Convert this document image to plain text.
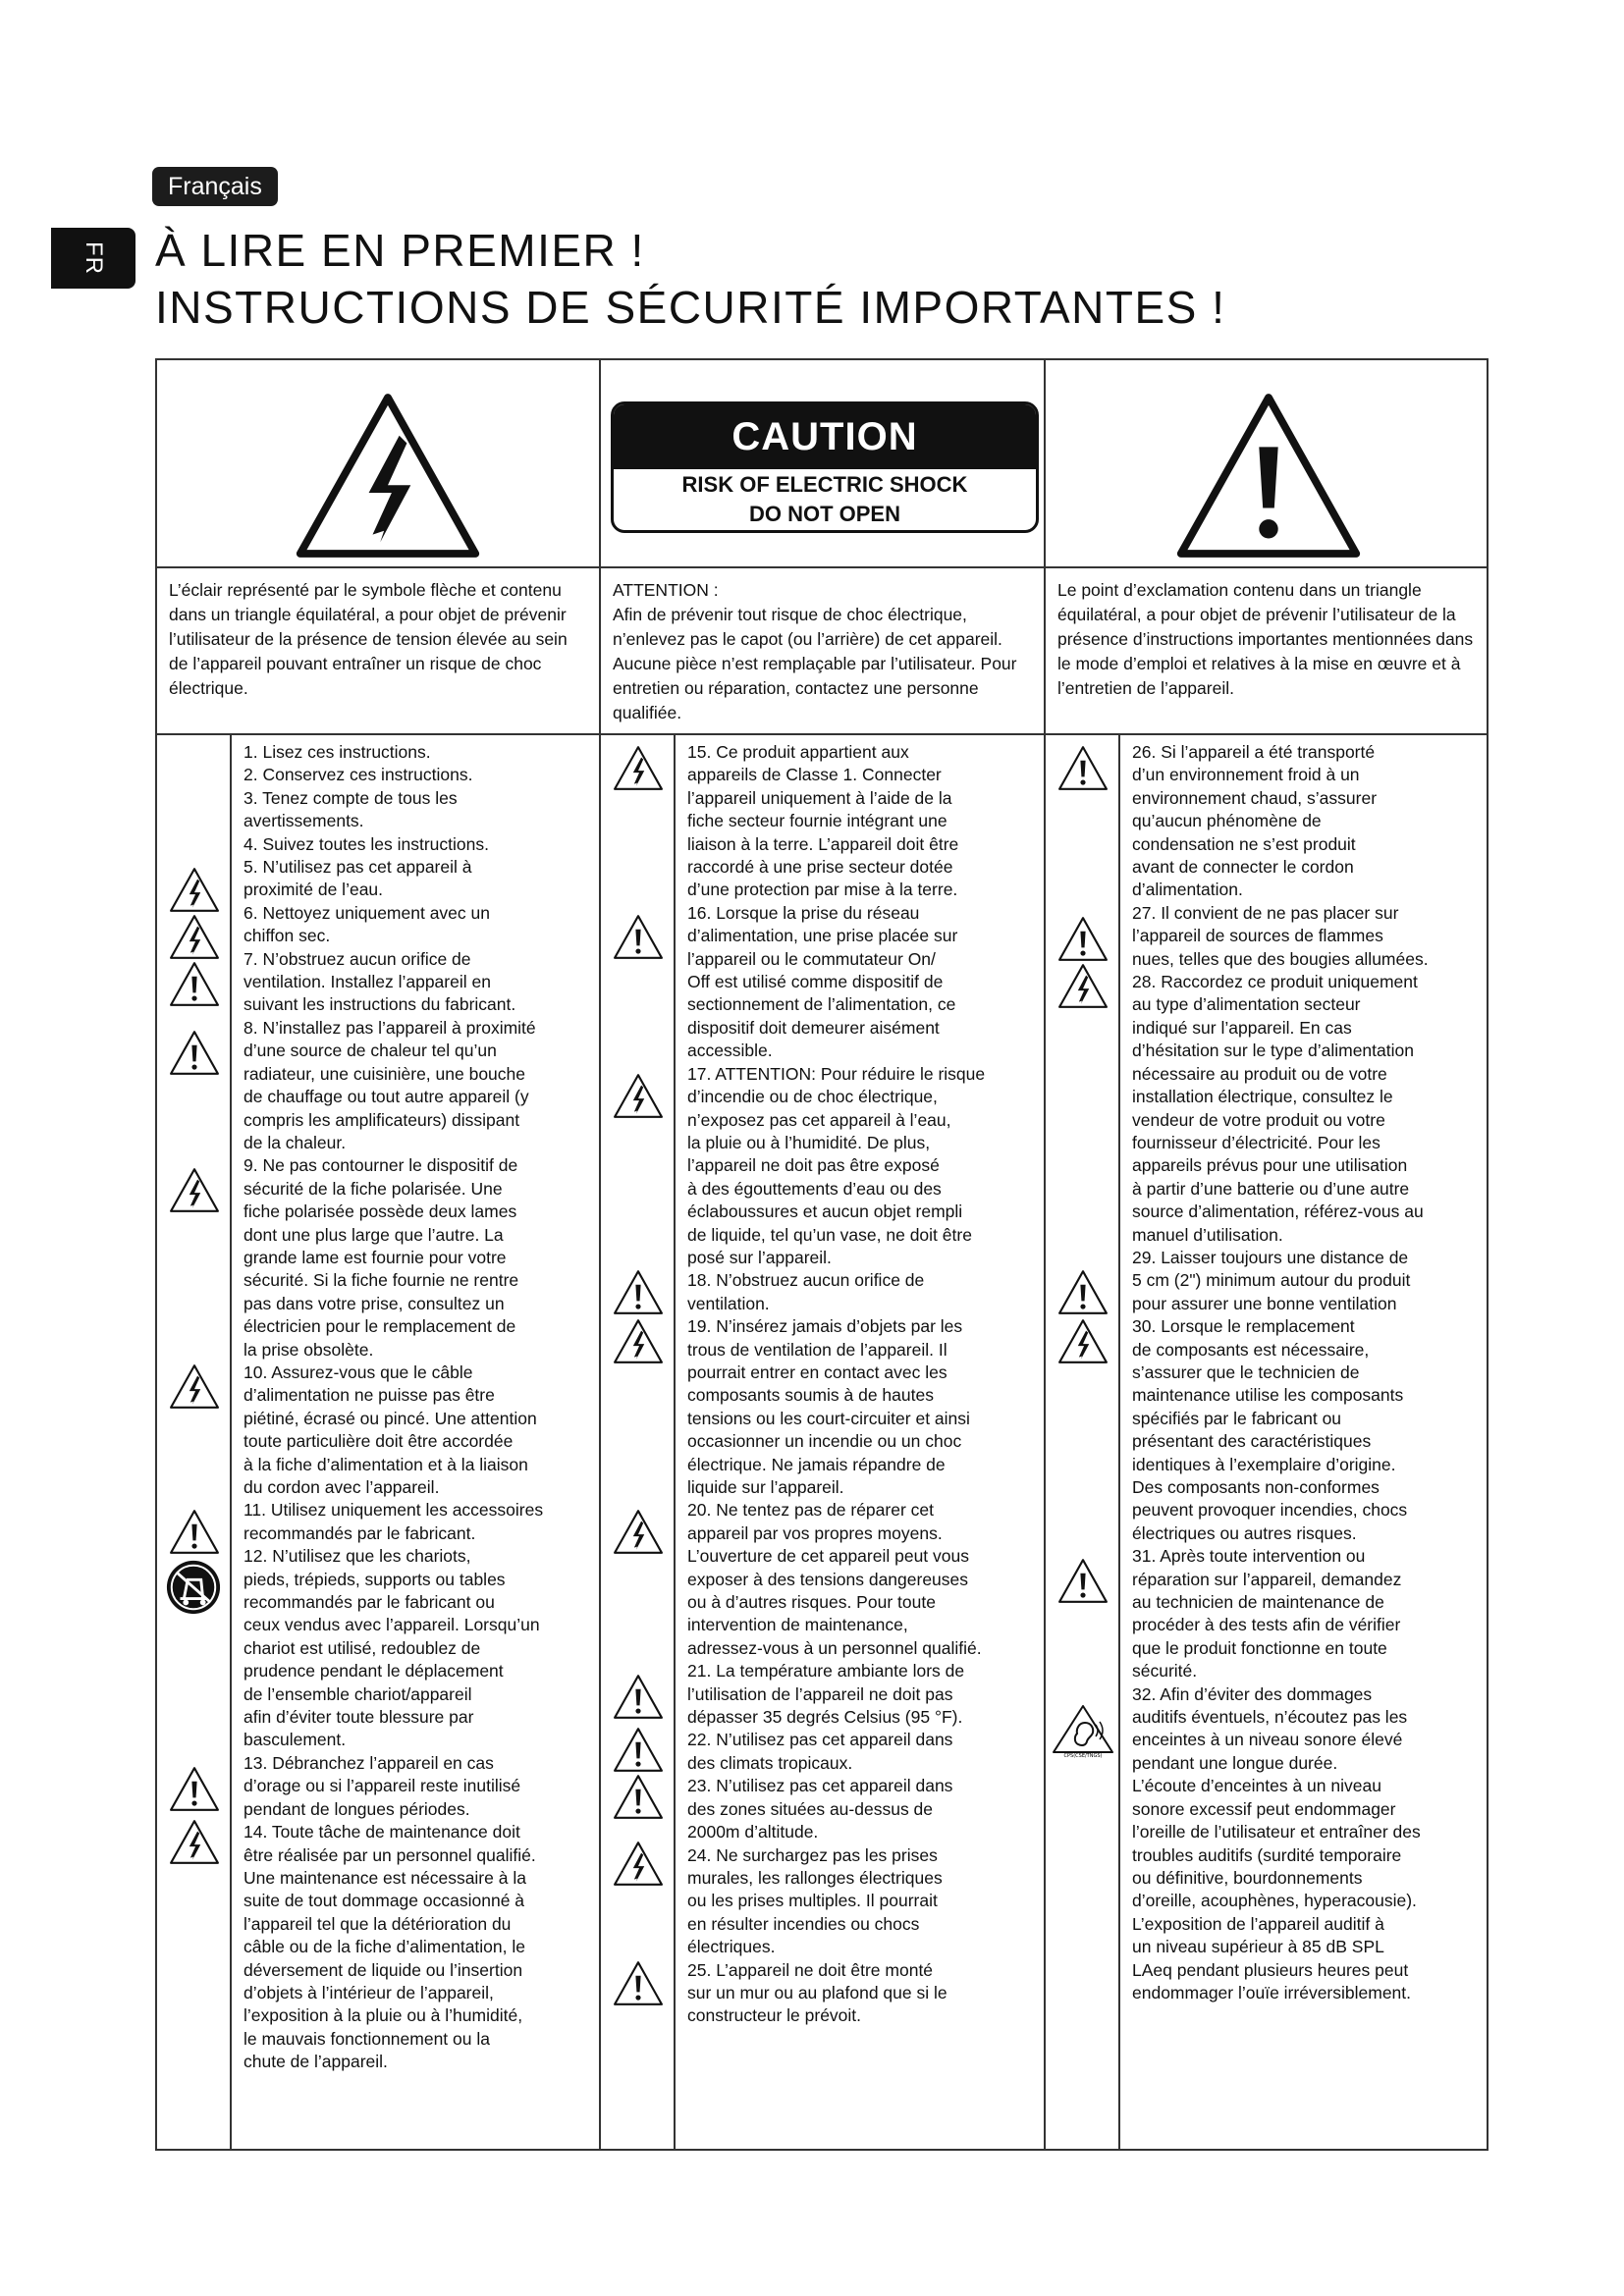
Français
FR À LIRE EN PREMIER !
INSTRUCTIONS DE SÉCURITÉ IMPORTANTES !
CAUTION
RISK OF ELECTRIC SHOCK
DO NOT OPEN
L’éclair représenté par le symbole flèche et contenu dans un triangle équilatéral, a pour objet de prévenir l’utilisateur de la présence de tension élevée au sein de l’appareil pouvant entraîner un risque de choc électrique.
ATTENTION :
Afin de prévenir tout risque de choc électrique, n’enlevez pas le capot (ou l’arrière) de cet appareil. Aucune pièce n’est remplaçable par l’utilisateur. Pour entretien ou réparation, contactez une personne qualifiée.
Le point d’exclamation contenu dans un triangle équilatéral, a pour objet de prévenir l’utilisateur de la présence d’instructions importantes mentionnées dans le mode d’emploi et relatives à la mise en œuvre et à l’entretien de l’appareil.
1. Lisez ces instructions.
2. Conservez ces instructions.
3. Tenez compte de tous les
avertissements.
4. Suivez toutes les instructions.
5. N’utilisez pas cet appareil à
proximité de l’eau.
6. Nettoyez uniquement avec un
chiffon sec.
7. N’obstruez aucun orifice de
ventilation. Installez l’appareil en
suivant les instructions du fabricant.
8. N’installez pas l’appareil à proximité
d’une source de chaleur tel qu’un
radiateur, une cuisinière, une bouche
de chauffage ou tout autre appareil (y
compris les amplificateurs) dissipant
de la chaleur.
9. Ne pas contourner le dispositif de
sécurité de la fiche polarisée. Une
fiche polarisée possède deux lames
dont une plus large que l’autre. La
grande lame est fournie pour votre
sécurité. Si la fiche fournie ne rentre
pas dans votre prise, consultez un
électricien pour le remplacement de
la prise obsolète.
10. Assurez-vous que le câble
d’alimentation ne puisse pas être
piétiné, écrasé ou pincé. Une attention
toute particulière doit être accordée
à la fiche d’alimentation et à la liaison
du cordon avec l’appareil.
11. Utilisez uniquement les accessoires
recommandés par le fabricant.
12. N’utilisez que les chariots,
pieds, trépieds, supports ou tables
recommandés par le fabricant ou
ceux vendus avec l’appareil. Lorsqu’un
chariot est utilisé, redoublez de
prudence pendant le déplacement
de l’ensemble chariot/appareil
afin d’éviter toute blessure par
basculement.
13. Débranchez l’appareil en cas
d’orage ou si l’appareil reste inutilisé
pendant de longues périodes.
14. Toute tâche de maintenance doit
être réalisée par un personnel qualifié.
Une maintenance est nécessaire à la
suite de tout dommage occasionné à
l’appareil tel que la détérioration du
câble ou de la fiche d’alimentation, le
déversement de liquide ou l’insertion
d’objets à l’intérieur de l’appareil,
l’exposition à la pluie ou à l’humidité,
le mauvais fonctionnement ou la
chute de l’appareil.
15. Ce produit appartient aux
appareils de Classe 1. Connecter
l’appareil uniquement à l’aide de la
fiche secteur fournie intégrant une
liaison à la terre. L’appareil doit être
raccordé à une prise secteur dotée
d’une protection par mise à la terre.
16. Lorsque la prise du réseau
d’alimentation, une prise placée sur
l’appareil ou le commutateur On/
Off est utilisé comme dispositif de
sectionnement de l’alimentation, ce
dispositif doit demeurer aisément
accessible.
17. ATTENTION: Pour réduire le risque
d’incendie ou de choc électrique,
n’exposez pas cet appareil à l’eau,
la pluie ou à l’humidité. De plus,
l’appareil ne doit pas être exposé
à des égouttements d’eau ou des
éclaboussures et aucun objet rempli
de liquide, tel qu’un vase, ne doit être
posé sur l’appareil.
18. N’obstruez aucun orifice de
ventilation.
19. N’insérez jamais d’objets par les
trous de ventilation de l’appareil. Il
pourrait entrer en contact avec les
composants soumis à de hautes
tensions ou les court-circuiter et ainsi
occasionner un incendie ou un choc
électrique. Ne jamais répandre de
liquide sur l’appareil.
20. Ne tentez pas de réparer cet
appareil par vos propres moyens.
L’ouverture de cet appareil peut vous
exposer à des tensions dangereuses
ou à d’autres risques. Pour toute
intervention de maintenance,
adressez-vous à un personnel qualifié.
21. La température ambiante lors de
l’utilisation de l’appareil ne doit pas
dépasser 35 degrés Celsius (95 °F).
22. N’utilisez pas cet appareil dans
des climats tropicaux.
23. N’utilisez pas cet appareil dans
des zones situées au-dessus de
2000m d’altitude.
24. Ne surchargez pas les prises
murales, les rallonges électriques
ou les prises multiples. Il pourrait
en résulter incendies ou chocs
électriques.
25. L’appareil ne doit être monté
sur un mur ou au plafond que si le
constructeur le prévoit.
26. Si l’appareil a été transporté
d’un environnement froid à un
environnement chaud, s’assurer
qu’aucun phénomène de
condensation ne s’est produit
avant de connecter le cordon
d’alimentation.
27. Il convient de ne pas placer sur
l’appareil de sources de flammes
nues, telles que des bougies allumées.
28. Raccordez ce produit uniquement
au type d’alimentation secteur
indiqué sur l’appareil. En cas
d’hésitation sur le type d’alimentation
nécessaire au produit ou de votre
installation électrique, consultez le
vendeur de votre produit ou votre
fournisseur d’électricité. Pour les
appareils prévus pour une utilisation
à partir d’une batterie ou d’une autre
source d’alimentation, référez-vous au
manuel d’utilisation.
29. Laisser toujours une distance de
5 cm (2") minimum autour du produit
pour assurer une bonne ventilation
30. Lorsque le remplacement
de composants est nécessaire,
s’assurer que le technicien de
maintenance utilise les composants
spécifiés par le fabricant ou
présentant des caractéristiques
identiques à l’exemplaire d’origine.
Des composants non-conformes
peuvent provoquer incendies, chocs
électriques ou autres risques.
31. Après toute intervention ou
réparation sur l’appareil, demandez
au technicien de maintenance de
procéder à des tests afin de vérifier
que le produit fonctionne en toute
sécurité.
32. Afin d’éviter des dommages
auditifs éventuels, n’écoutez pas les
enceintes à un niveau sonore élevé
pendant une longue durée.
L’écoute d’enceintes à un niveau
sonore excessif peut endommager
l’oreille de l’utilisateur et entraîner des
troubles auditifs (surdité temporaire
ou définitive, bourdonnements
d’oreille, acouphènes, hyperacousie).
L’exposition de l’appareil auditif à
un niveau supérieur à 85 dB SPL
LAeq pendant plusieurs heures peut
endommager l’ouïe irréversiblement.
CPS(CSE/TNGS)
